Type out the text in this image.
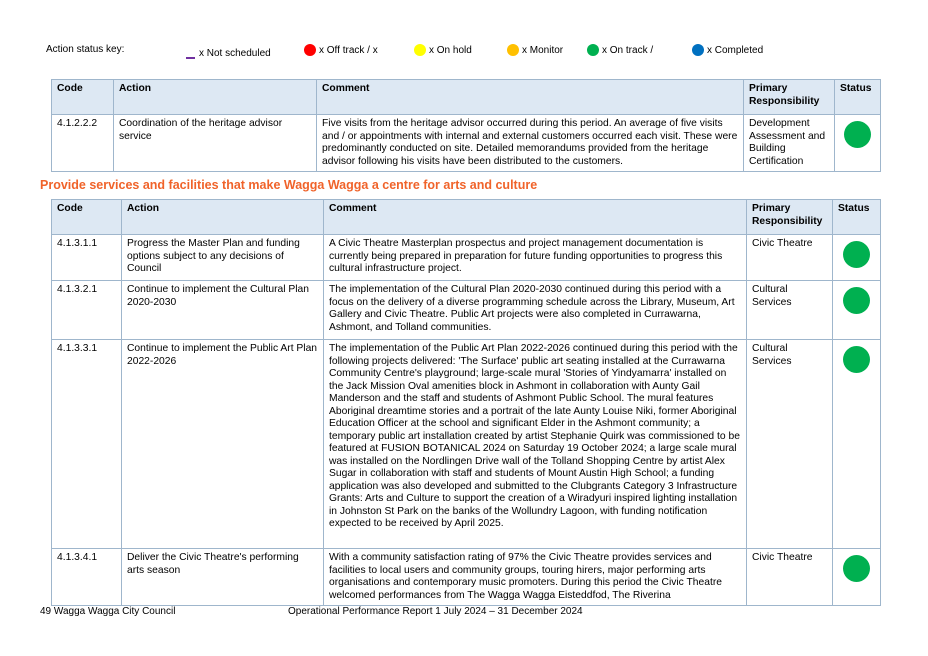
Action status key:	x Not scheduled	x Off track / x	x On hold	x Monitor	x On track /	x Completed
Code	Action	Comment	Primary Responsibility	Status
4.1.2.2.2	Coordination of the heritage advisor service	Five visits from the heritage advisor occurred during this period. An average of five visits and / or appointments with internal and external customers occurred each visit. These were predominantly conducted on site. Detailed memorandums provided from the heritage advisor following his visits have been distributed to the customers.	Development Assessment and Building Certification	
Provide services and facilities that make Wagga Wagga a centre for arts and culture
Code	Action	Comment	Primary Responsibility	Status
4.1.3.1.1	Progress the Master Plan and funding options subject to any decisions of Council	A Civic Theatre Masterplan prospectus and project management documentation is currently being prepared in preparation for future funding opportunities to progress this cultural infrastructure project.	Civic Theatre	

4.1.3.2.1	Continue to implement the Cultural Plan 2020-2030	The implementation of the Cultural Plan 2020-2030 continued during this period with a focus on the delivery of a diverse programming schedule across the Library, Museum, Art Gallery and Civic Theatre. Public Art projects were also completed in Currawarna, Ashmont, and Tolland communities.	Cultural Services	

4.1.3.3.1	Continue to implement the Public Art Plan 2022-2026	The implementation of the Public Art Plan 2022-2026 continued during this period with the following projects delivered: 'The Surface' public art seating installed at the Currawarna Community Centre's playground; large-scale mural 'Stories of Yindyamarra' installed on the Jack Mission Oval amenities block in Ashmont in collaboration with Aunty Gail Manderson and the staff and students of Ashmont Public School. The mural features Aboriginal dreamtime stories and a portrait of the late Aunty Louise Niki, former Aboriginal Education Officer at the school and significant Elder in the Ashmont community; a temporary public art installation created by artist Stephanie Quirk was commissioned to be featured at FUSION BOTANICAL 2024 on Saturday 19 October 2024; a large scale mural was installed on the Nordlingen Drive wall of the Tolland Shopping Centre by artist Alex Sugar in collaboration with staff and students of Mount Austin High School; a funding application was also developed and submitted to the Clubgrants Category 3 Infrastructure Grants: Arts and Culture to support the creation of a Wiradyuri inspired lighting installation in Johnston St Park on the banks of the Wollundry Lagoon, with funding notification expected to be received by April 2025.	Cultural Services	

4.1.3.4.1	Deliver the Civic Theatre's performing arts season	With a community satisfaction rating of 97% the Civic Theatre provides services and facilities to local users and community groups, touring hirers, major performing arts organisations and contemporary music promoters. During this period the Civic Theatre welcomed performances from The Wagga Wagga Eisteddfod, The Riverina	Civic Theatre	
49 Wagga Wagga City Council	Operational Performance Report 1 July 2024 – 31 December 2024
